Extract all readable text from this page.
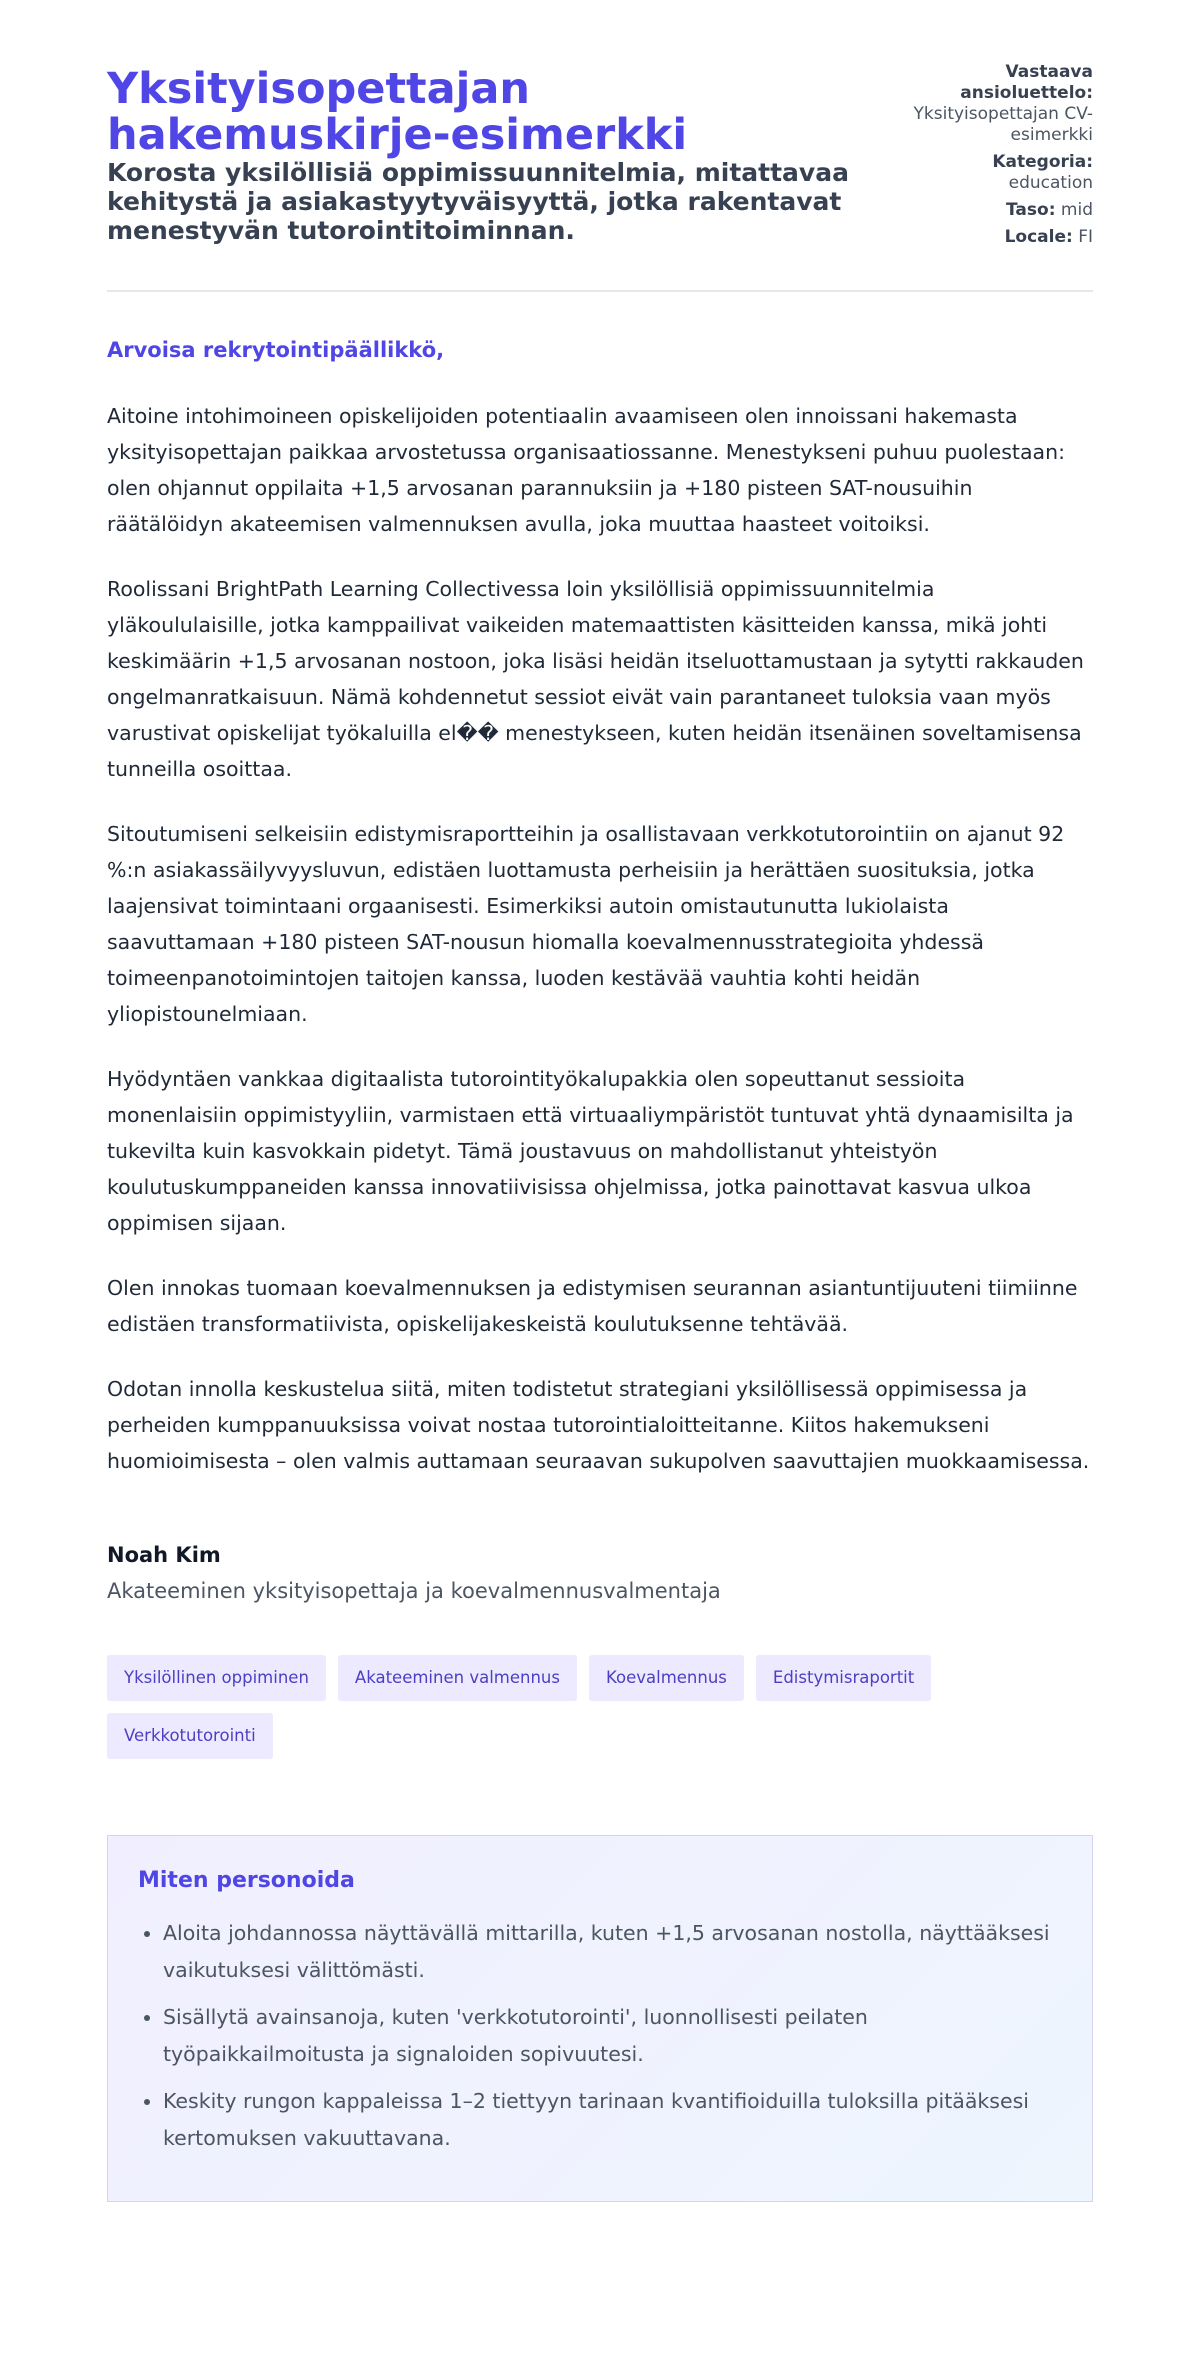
Yksityisopettajan hakemuskirje-esimerkki

Korosta yksilöllisiä oppimissuunnitelmia, mitattavaa kehitystä ja asiakastyytyväisyyttä, jotka rakentavat menestyvän tutorointitoiminnan.

Vastaava ansioluettelo:
Yksityisopettajan CV-esimerkki
Kategoria:
education
Taso: mid
Locale: FI

Arvoisa rekrytointipäällikkö,

Aitoine intohimoineen opiskelijoiden potentiaalin avaamiseen olen innoissani hakemasta yksityisopettajan paikkaa arvostetussa organisaatiossanne. Menestykseni puhuu puolestaan: olen ohjannut oppilaita +1,5 arvosanan parannuksiin ja +180 pisteen SAT-nousuihin räätälöidyn akateemisen valmennuksen avulla, joka muuttaa haasteet voitoiksi.

Roolissani BrightPath Learning Collectivessa loin yksilöllisiä oppimissuunnitelmia yläkoululaisille, jotka kamppailivat vaikeiden matemaattisten käsitteiden kanssa, mikä johti keskimäärin +1,5 arvosanan nostoon, joka lisäsi heidän itseluottamustaan ja sytytti rakkauden ongelmanratkaisuun. Nämä kohdennetut sessiot eivät vain parantaneet tuloksia vaan myös varustivat opiskelijat työkaluilla el�� menestykseen, kuten heidän itsenäinen soveltamisensa tunneilla osoittaa.

Sitoutumiseni selkeisiin edistymisraportteihin ja osallistavaan verkkotutorointiin on ajanut 92 %:n asiakassäilyvyysluvun, edistäen luottamusta perheisiin ja herättäen suosituksia, jotka laajensivat toimintaani orgaanisesti. Esimerkiksi autoin omistautunutta lukiolaista saavuttamaan +180 pisteen SAT-nousun hiomalla koevalmennusstrategioita yhdessä toimeenpanotoimintojen taitojen kanssa, luoden kestävää vauhtia kohti heidän yliopistounelmiaan.

Hyödyntäen vankkaa digitaalista tutorointityökalupakkia olen sopeuttanut sessioita monenlaisiin oppimistyyliin, varmistaen että virtuaaliympäristöt tuntuvat yhtä dynaamisilta ja tukevilta kuin kasvokkain pidetyt. Tämä joustavuus on mahdollistanut yhteistyön koulutuskumppaneiden kanssa innovatiivisissa ohjelmissa, jotka painottavat kasvua ulkoa oppimisen sijaan.

Olen innokas tuomaan koevalmennuksen ja edistymisen seurannan asiantuntijuuteni tiimiinne edistäen transformatiivista, opiskelijakeskeistä koulutuksenne tehtävää.

Odotan innolla keskustelua siitä, miten todistetut strategiani yksilöllisessä oppimisessa ja perheiden kumppanuuksissa voivat nostaa tutorointialoitteitanne. Kiitos hakemukseni huomioimisesta – olen valmis auttamaan seuraavan sukupolven saavuttajien muokkaamisessa.

Noah Kim

Akateeminen yksityisopettaja ja koevalmennusvalmentaja

Yksilöllinen oppiminen	Akateeminen valmennus	Koevalmennus	Edistymisraportit
Verkkotutorointi

Miten personoida

• Aloita johdannossa näyttävällä mittarilla, kuten +1,5 arvosanan nostolla, näyttääksesi vaikutuksesi välittömästi.
• Sisällytä avainsanoja, kuten 'verkkotutorointi', luonnollisesti peilaten työpaikkailmoitusta ja signaloiden sopivuutesi.
• Keskity rungon kappaleissa 1–2 tiettyyn tarinaan kvantifioiduilla tuloksilla pitääksesi kertomuksen vakuuttavana.
